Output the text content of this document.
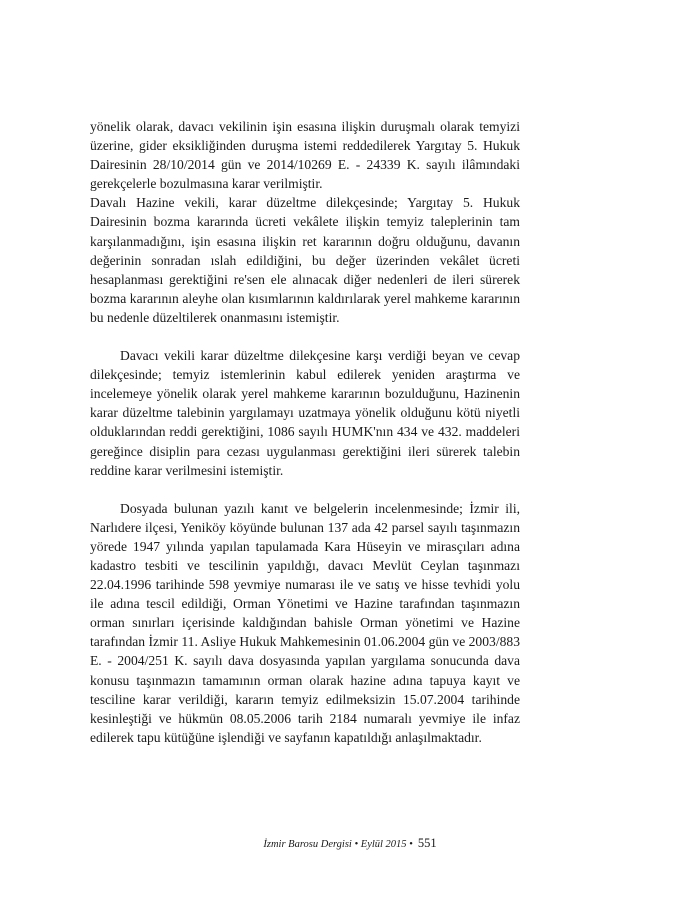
yönelik olarak, davacı vekilinin işin esasına ilişkin duruşmalı olarak temyizi üzerine, gider eksikliğinden duruşma istemi reddedilerek Yargıtay 5. Hukuk Dairesinin 28/10/2014 gün ve 2014/10269 E. - 24339 K. sayılı ilâmındaki gerekçelerle bozulmasına karar verilmiştir.

Davalı Hazine vekili, karar düzeltme dilekçesinde; Yargıtay 5. Hukuk Dairesinin bozma kararında ücreti vekâlete ilişkin temyiz taleplerinin tam karşılanmadığını, işin esasına ilişkin ret kararının doğru olduğunu, davanın değerinin sonradan ıslah edildiğini, bu değer üzerinden vekâlet ücreti hesaplanması gerektiğini re'sen ele alınacak diğer nedenleri de ileri sürerek bozma kararının aleyhe olan kısımlarının kaldırılarak yerel mahkeme kararının bu nedenle düzeltilerek onanmasını istemiştir.

Davacı vekili karar düzeltme dilekçesine karşı verdiği beyan ve cevap dilekçesinde; temyiz istemlerinin kabul edilerek yeniden araştırma ve incelemeye yönelik olarak yerel mahkeme kararının bozulduğunu, Hazinenin karar düzeltme talebinin yargılamayı uzatmaya yönelik olduğunu kötü niyetli olduklarından reddi gerektiğini, 1086 sayılı HUMK'nın 434 ve 432. maddeleri gereğince disiplin para cezası uygulanması gerektiğini ileri sürerek talebin reddine karar verilmesini istemiştir.

Dosyada bulunan yazılı kanıt ve belgelerin incelenmesinde; İzmir ili, Narlıdere ilçesi, Yeniköy köyünde bulunan 137 ada 42 parsel sayılı taşınmazın yörede 1947 yılında yapılan tapulamada Kara Hüseyin ve mirasçıları adına kadastro tesbiti ve tescilinin yapıldığı, davacı Mevlüt Ceylan taşınmazı 22.04.1996 tarihinde 598 yevmiye numarası ile ve satış ve hisse tevhidi yolu ile adına tescil edildiği, Orman Yönetimi ve Hazine tarafından taşınmazın orman sınırları içerisinde kaldığından bahisle Orman yönetimi ve Hazine tarafından İzmir 11. Asliye Hukuk Mahkemesinin 01.06.2004 gün ve 2003/883 E. - 2004/251 K. sayılı dava dosyasında yapılan yargılama sonucunda dava konusu taşınmazın tamamının orman olarak hazine adına tapuya kayıt ve tesciline karar verildiği, kararın temyiz edilmeksizin 15.07.2004 tarihinde kesinleştiği ve hükmün 08.05.2006 tarih 2184 numaralı yevmiye ile infaz edilerek tapu kütüğüne işlendiği ve sayfanın kapatıldığı anlaşılmaktadır.

İzmir Barosu Dergisi • Eylül 2015 • 551
